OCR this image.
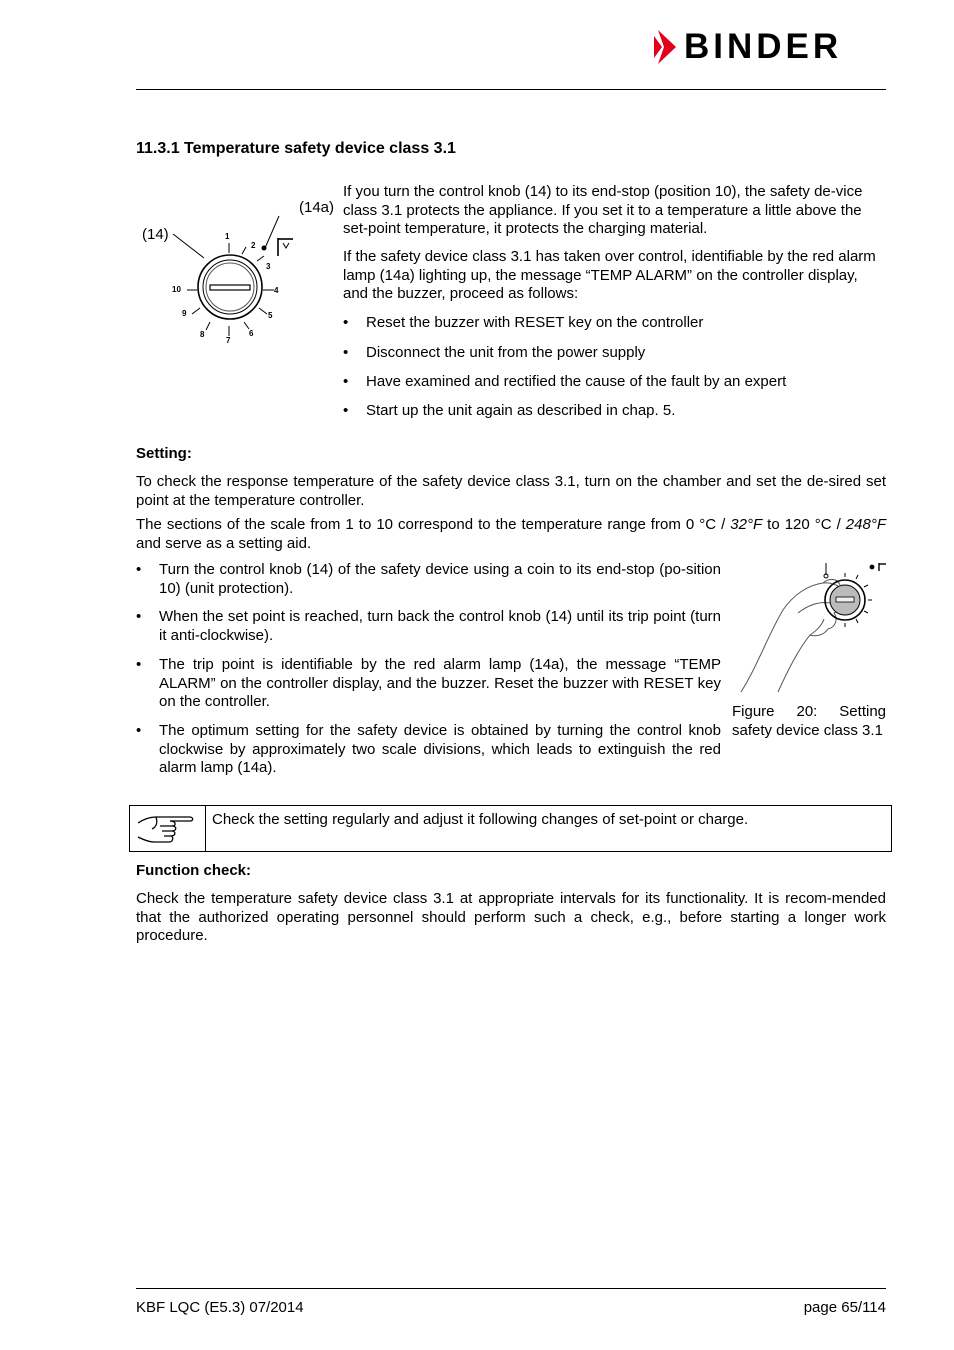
BINDER
11.3.1 Temperature safety device class 3.1
(14a)
(14)	1
2
3
4
5
6
7
8
9
10

If you turn the control knob (14) to its end-stop (position 10), the safety de-vice class 3.1 protects the appliance. If you set it to a temperature a little above the set-point temperature, it protects the charging material.

If the safety device class 3.1 has taken over control, identifiable by the red alarm lamp (14a) lighting up, the message “TEMP ALARM” on the controller display, and the buzzer, proceed as follows:

• Reset the buzzer with RESET key on the controller
• Disconnect the unit from the power supply
• Have examined and rectified the cause of the fault by an expert
• Start up the unit again as described in chap. 5.
Setting:

To check the response temperature of the safety device class 3.1, turn on the chamber and set the de-sired set point at the temperature controller.

The sections of the scale from 1 to 10 correspond to the temperature range from 0 °C / 32°F to 120 °C / 248°F and serve as a setting aid.

• Turn the control knob (14) of the safety device using a coin to its end-stop (po-sition 10) (unit protection).
• When the set point is reached, turn back the control knob (14) until its trip point (turn it anti-clockwise).
• The trip point is identifiable by the red alarm lamp (14a), the message “TEMP ALARM” on the controller display, and the buzzer. Reset the buzzer with RESET key on the controller.
• The optimum setting for the safety device is obtained by turning the control knob clockwise by approximately two scale divisions, which leads to extinguish the red alarm lamp (14a).

Figure 20: Setting safety device class 3.1

Check the setting regularly and adjust it following changes of set-point or charge.
Function check:

Check the temperature safety device class 3.1 at appropriate intervals for its functionality. It is recom-mended that the authorized operating personnel should perform such a check, e.g., before starting a longer work procedure.

KBF LQC (E5.3) 07/2014	page 65/114
